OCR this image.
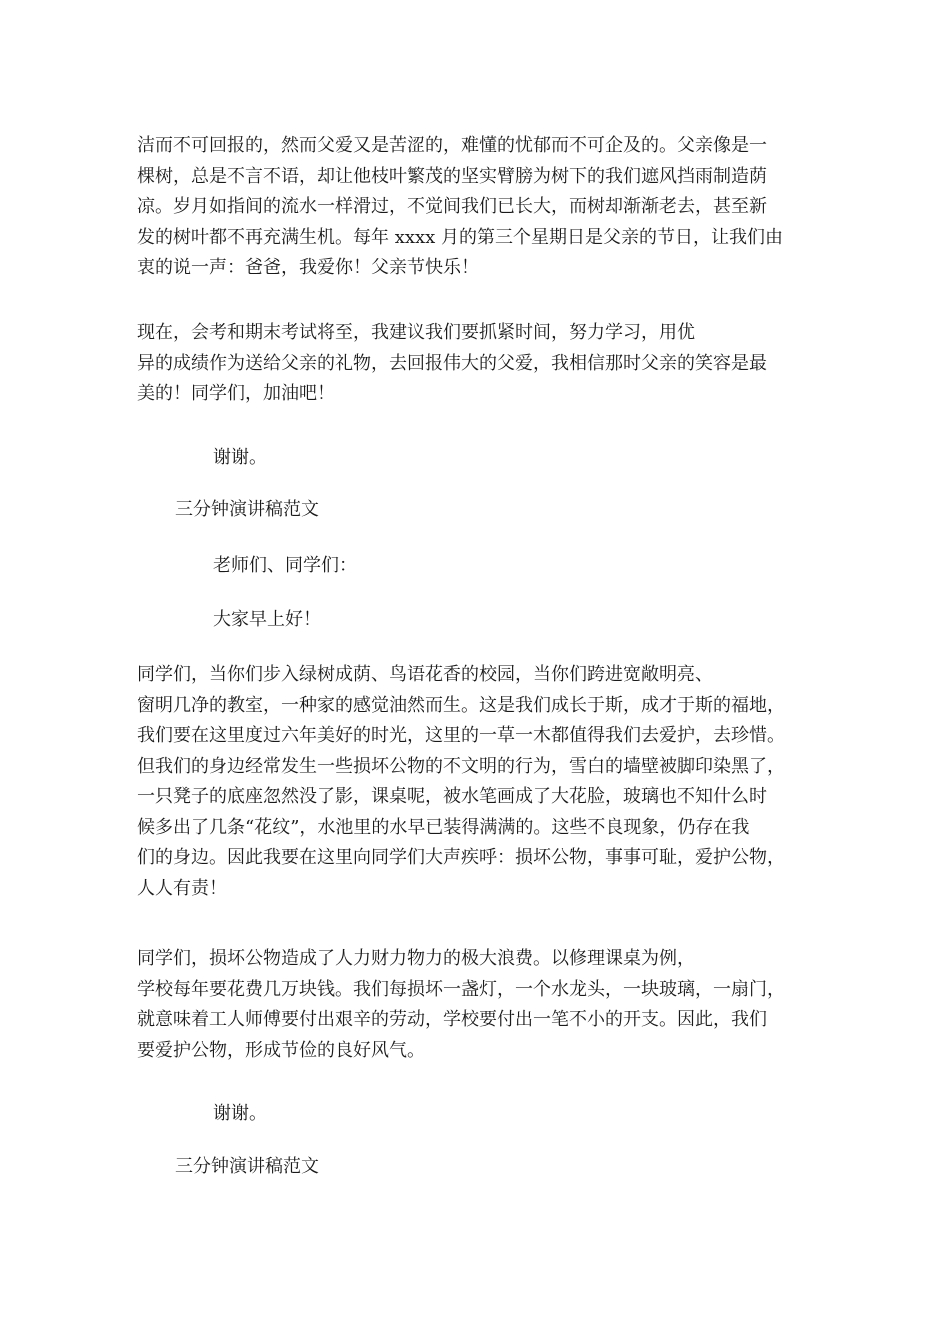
洁而不可回报的，然而父爱又是苦涩的，难懂的忧郁而不可企及的。父亲像是一
棵树，总是不言不语，却让他枝叶繁茂的坚实臂膀为树下的我们遮风挡雨制造荫
凉。岁月如指间的流水一样滑过，不觉间我们已长大，而树却渐渐老去，甚至新
发的树叶都不再充满生机。每年 xxxx 月的第三个星期日是父亲的节日，让我们由
衷的说一声：爸爸，我爱你！父亲节快乐！

现在，会考和期末考试将至，我建议我们要抓紧时间，努力学习，用优
异的成绩作为送给父亲的礼物，去回报伟大的父爱，我相信那时父亲的笑容是最
美的！同学们，加油吧！

谢谢。

三分钟演讲稿范文

老师们、同学们：

大家早上好！

同学们，当你们步入绿树成荫、鸟语花香的校园，当你们跨进宽敞明亮、
窗明几净的教室，一种家的感觉油然而生。这是我们成长于斯，成才于斯的福地，
我们要在这里度过六年美好的时光，这里的一草一木都值得我们去爱护，去珍惜。
但我们的身边经常发生一些损坏公物的不文明的行为，雪白的墙壁被脚印染黑了，
一只凳子的底座忽然没了影，课桌呢，被水笔画成了大花脸，玻璃也不知什么时
候多出了几条“花纹”，水池里的水早已装得满满的。这些不良现象，仍存在我
们的身边。因此我要在这里向同学们大声疾呼：损坏公物，事事可耻，爱护公物，
人人有责！

同学们，损坏公物造成了人力财力物力的极大浪费。以修理课桌为例，
学校每年要花费几万块钱。我们每损坏一盏灯，一个水龙头，一块玻璃，一扇门，
就意味着工人师傅要付出艰辛的劳动，学校要付出一笔不小的开支。因此，我们
要爱护公物，形成节俭的良好风气。

谢谢。

三分钟演讲稿范文
